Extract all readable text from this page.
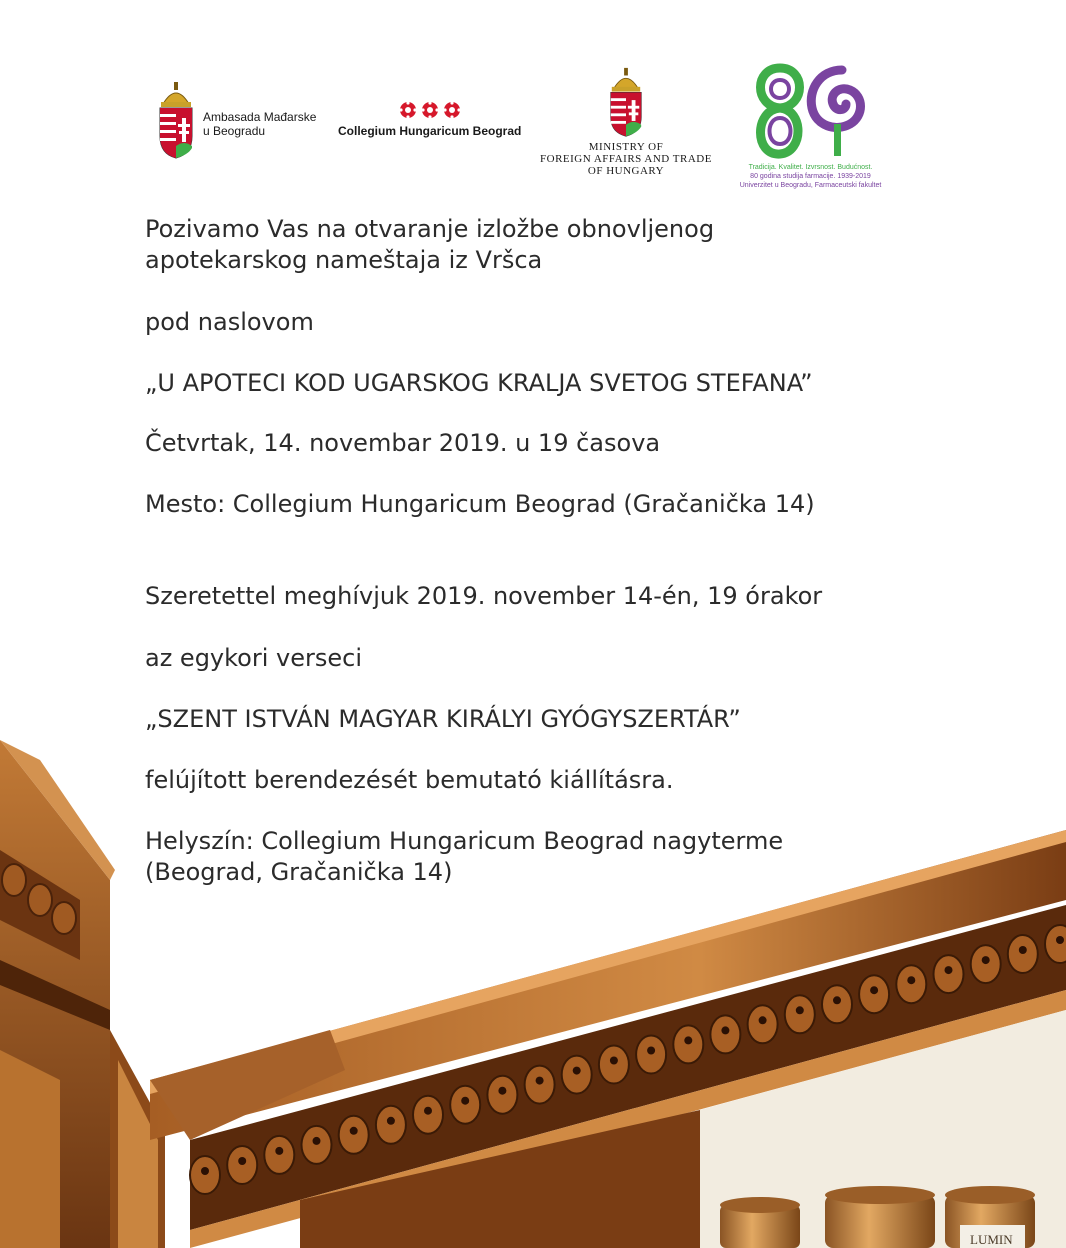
Ambasada Mađarske
u Beogradu	Collegium Hungaricum Beograd
MINISTRY OF
FOREIGN AFFAIRS AND TRADE
OF HUNGARY	Tradicija. Kvalitet. Izvrsnost. Budućnost.
80 godina studija farmacije. 1939-2019
Univerzitet u Beogradu, Farmaceutski fakultet
LUMIN
Pozivamo Vas na otvaranje izložbe obnovljenog
apotekarskog nameštaja iz Vršca
pod naslovom
„U APOTECI KOD UGARSKOG KRALJA SVETOG STEFANA”
Četvrtak, 14. novembar 2019. u 19 časova
Mesto: Collegium Hungaricum Beograd (Gračanička 14)
Szeretettel meghívjuk 2019. november 14-én, 19 órakor
az egykori verseci
„SZENT ISTVÁN MAGYAR KIRÁLYI GYÓGYSZERTÁR”
felújított berendezését bemutató kiállításra.
Helyszín: Collegium Hungaricum Beograd nagyterme
(Beograd, Gračanička 14)
